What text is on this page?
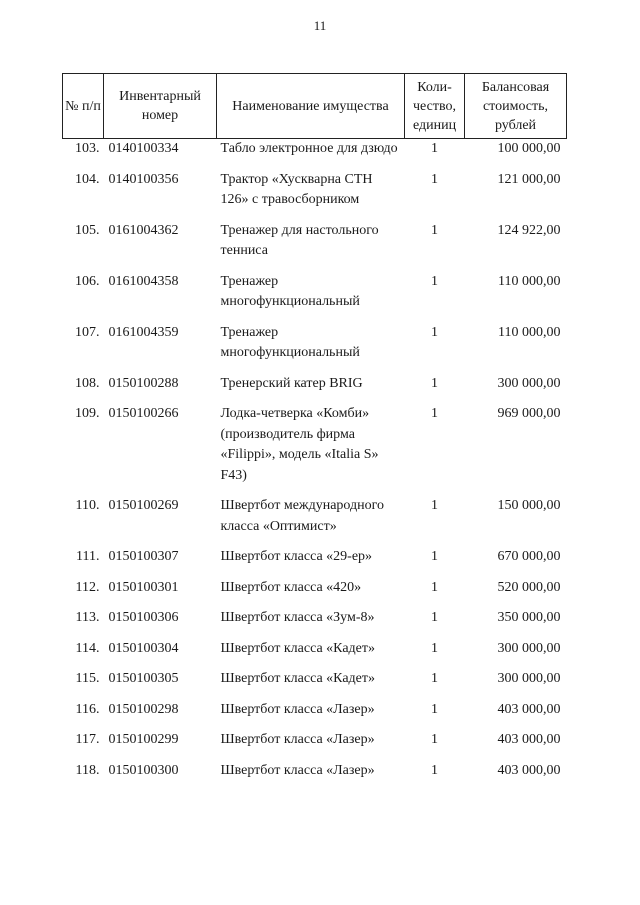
11
№ п/п	Инвентарный номер	Наименование имущества	Коли- чество, единиц	Балансовая стоимость, рублей
103.	0140100334	Табло электронное для дзюдо	1	100 000,00
104.	0140100356	Трактор «Хускварна CTH 126» с травосборником	1	121 000,00
105.	0161004362	Тренажер для настольного тенниса	1	124 922,00
106.	0161004358	Тренажер многофункциональный	1	110 000,00
107.	0161004359	Тренажер многофункциональный	1	110 000,00
108.	0150100288	Тренерский катер BRIG	1	300 000,00
109.	0150100266	Лодка-четверка «Комби» (производитель фирма «Filippi», модель «Italia S» F43)	1	969 000,00
110.	0150100269	Швертбот международного класса «Оптимист»	1	150 000,00
111.	0150100307	Швертбот класса «29-ер»	1	670 000,00
112.	0150100301	Швертбот класса «420»	1	520 000,00
113.	0150100306	Швертбот класса «Зум-8»	1	350 000,00
114.	0150100304	Швертбот класса «Кадет»	1	300 000,00
115.	0150100305	Швертбот класса «Кадет»	1	300 000,00
116.	0150100298	Швертбот класса «Лазер»	1	403 000,00
117.	0150100299	Швертбот класса «Лазер»	1	403 000,00
118.	0150100300	Швертбот класса «Лазер»	1	403 000,00
